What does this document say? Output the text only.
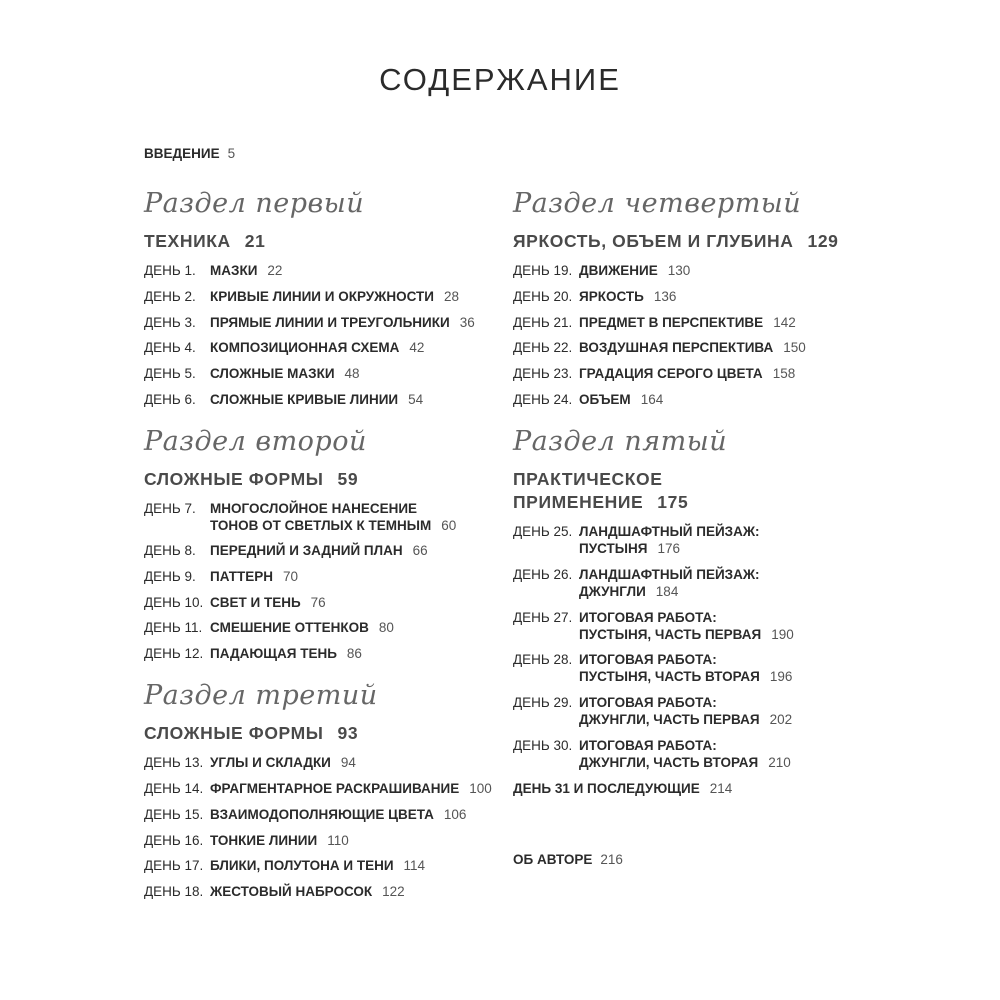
СОДЕРЖАНИЕ
ВВЕДЕНИЕ 5
Раздел первый
ТЕХНИКА 21
ДЕНЬ 1.	МАЗКИ 22
ДЕНЬ 2.	КРИВЫЕ ЛИНИИ И ОКРУЖНОСТИ 28
ДЕНЬ 3.	ПРЯМЫЕ ЛИНИИ И ТРЕУГОЛЬНИКИ 36
ДЕНЬ 4.	КОМПОЗИЦИОННАЯ СХЕМА 42
ДЕНЬ 5.	СЛОЖНЫЕ МАЗКИ 48
ДЕНЬ 6.	СЛОЖНЫЕ КРИВЫЕ ЛИНИИ 54
Раздел второй
СЛОЖНЫЕ ФОРМЫ 59
ДЕНЬ 7.	МНОГОСЛОЙНОЕ НАНЕСЕНИЕ
ТОНОВ ОТ СВЕТЛЫХ К ТЕМНЫМ 60
ДЕНЬ 8.	ПЕРЕДНИЙ И ЗАДНИЙ ПЛАН 66
ДЕНЬ 9.	ПАТТЕРН 70
ДЕНЬ 10. СВЕТ И ТЕНЬ 76
ДЕНЬ 11. СМЕШЕНИЕ ОТТЕНКОВ 80
ДЕНЬ 12. ПАДАЮЩАЯ ТЕНЬ 86
Раздел третий
СЛОЖНЫЕ ФОРМЫ 93
ДЕНЬ 13. УГЛЫ И СКЛАДКИ 94
ДЕНЬ 14. ФРАГМЕНТАРНОЕ РАСКРАШИВАНИЕ 100
ДЕНЬ 15. ВЗАИМОДОПОЛНЯЮЩИЕ ЦВЕТА 106
ДЕНЬ 16. ТОНКИЕ ЛИНИИ 110
ДЕНЬ 17. БЛИКИ, ПОЛУТОНА И ТЕНИ 114
ДЕНЬ 18. ЖЕСТОВЫЙ НАБРОСОК 122
Раздел четвертый
ЯРКОСТЬ, ОБЪЕМ И ГЛУБИНА 129
ДЕНЬ 19. ДВИЖЕНИЕ 130
ДЕНЬ 20. ЯРКОСТЬ 136
ДЕНЬ 21. ПРЕДМЕТ В ПЕРСПЕКТИВЕ 142
ДЕНЬ 22. ВОЗДУШНАЯ ПЕРСПЕКТИВА 150
ДЕНЬ 23. ГРАДАЦИЯ СЕРОГО ЦВЕТА 158
ДЕНЬ 24. ОБЪЕМ 164
Раздел пятый
ПРАКТИЧЕСКОЕ
ПРИМЕНЕНИЕ 175
ДЕНЬ 25. ЛАНДШАФТНЫЙ ПЕЙЗАЖ:
ПУСТЫНЯ 176
ДЕНЬ 26. ЛАНДШАФТНЫЙ ПЕЙЗАЖ:
ДЖУНГЛИ 184
ДЕНЬ 27. ИТОГОВАЯ РАБОТА:
ПУСТЫНЯ, ЧАСТЬ ПЕРВАЯ 190
ДЕНЬ 28. ИТОГОВАЯ РАБОТА:
ПУСТЫНЯ, ЧАСТЬ ВТОРАЯ 196
ДЕНЬ 29. ИТОГОВАЯ РАБОТА:
ДЖУНГЛИ, ЧАСТЬ ПЕРВАЯ 202
ДЕНЬ 30. ИТОГОВАЯ РАБОТА:
ДЖУНГЛИ, ЧАСТЬ ВТОРАЯ 210
ДЕНЬ 31 И ПОСЛЕДУЮЩИЕ 214
ОБ АВТОРЕ 216
